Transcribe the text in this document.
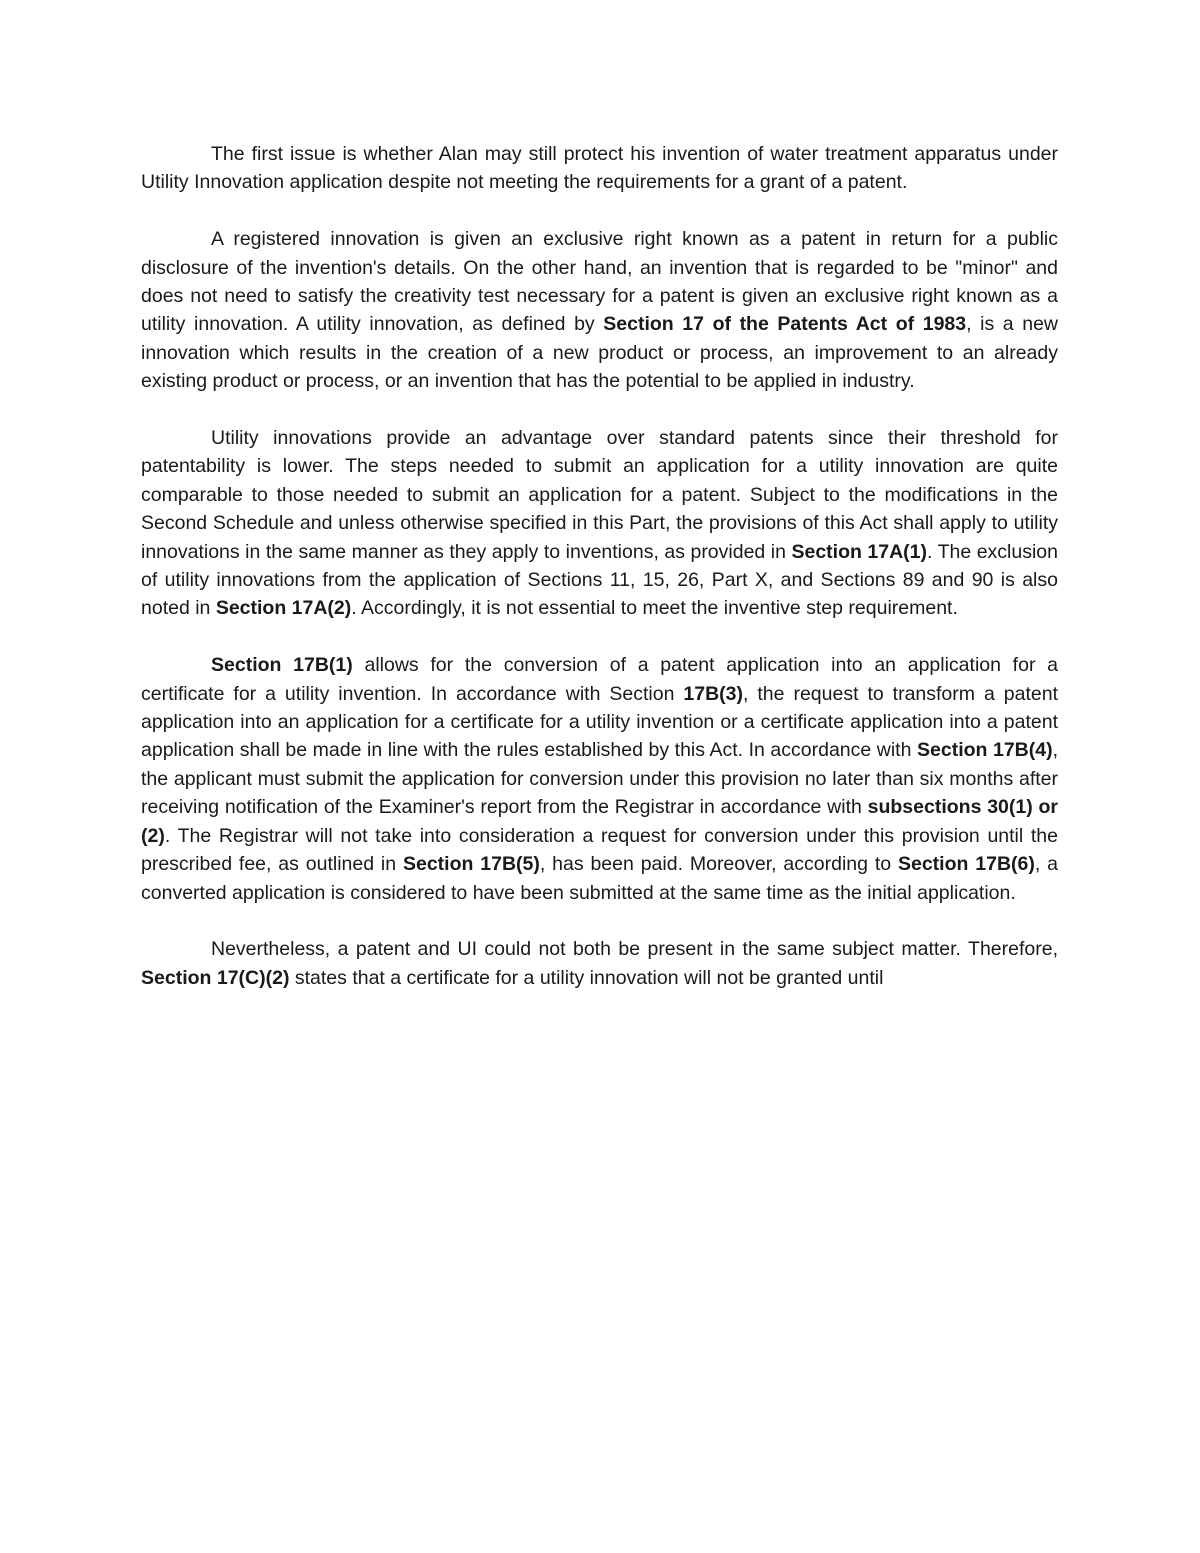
The first issue is whether Alan may still protect his invention of water treatment apparatus under Utility Innovation application despite not meeting the requirements for a grant of a patent.

A registered innovation is given an exclusive right known as a patent in return for a public disclosure of the invention's details. On the other hand, an invention that is regarded to be "minor" and does not need to satisfy the creativity test necessary for a patent is given an exclusive right known as a utility innovation. A utility innovation, as defined by Section 17 of the Patents Act of 1983, is a new innovation which results in the creation of a new product or process, an improvement to an already existing product or process, or an invention that has the potential to be applied in industry.

Utility innovations provide an advantage over standard patents since their threshold for patentability is lower. The steps needed to submit an application for a utility innovation are quite comparable to those needed to submit an application for a patent. Subject to the modifications in the Second Schedule and unless otherwise specified in this Part, the provisions of this Act shall apply to utility innovations in the same manner as they apply to inventions, as provided in Section 17A(1). The exclusion of utility innovations from the application of Sections 11, 15, 26, Part X, and Sections 89 and 90 is also noted in Section 17A(2). Accordingly, it is not essential to meet the inventive step requirement.

Section 17B(1) allows for the conversion of a patent application into an application for a certificate for a utility invention. In accordance with Section 17B(3), the request to transform a patent application into an application for a certificate for a utility invention or a certificate application into a patent application shall be made in line with the rules established by this Act. In accordance with Section 17B(4), the applicant must submit the application for conversion under this provision no later than six months after receiving notification of the Examiner's report from the Registrar in accordance with subsections 30(1) or (2). The Registrar will not take into consideration a request for conversion under this provision until the prescribed fee, as outlined in Section 17B(5), has been paid. Moreover, according to Section 17B(6), a converted application is considered to have been submitted at the same time as the initial application.

Nevertheless, a patent and UI could not both be present in the same subject matter. Therefore, Section 17(C)(2) states that a certificate for a utility innovation will not be granted until
